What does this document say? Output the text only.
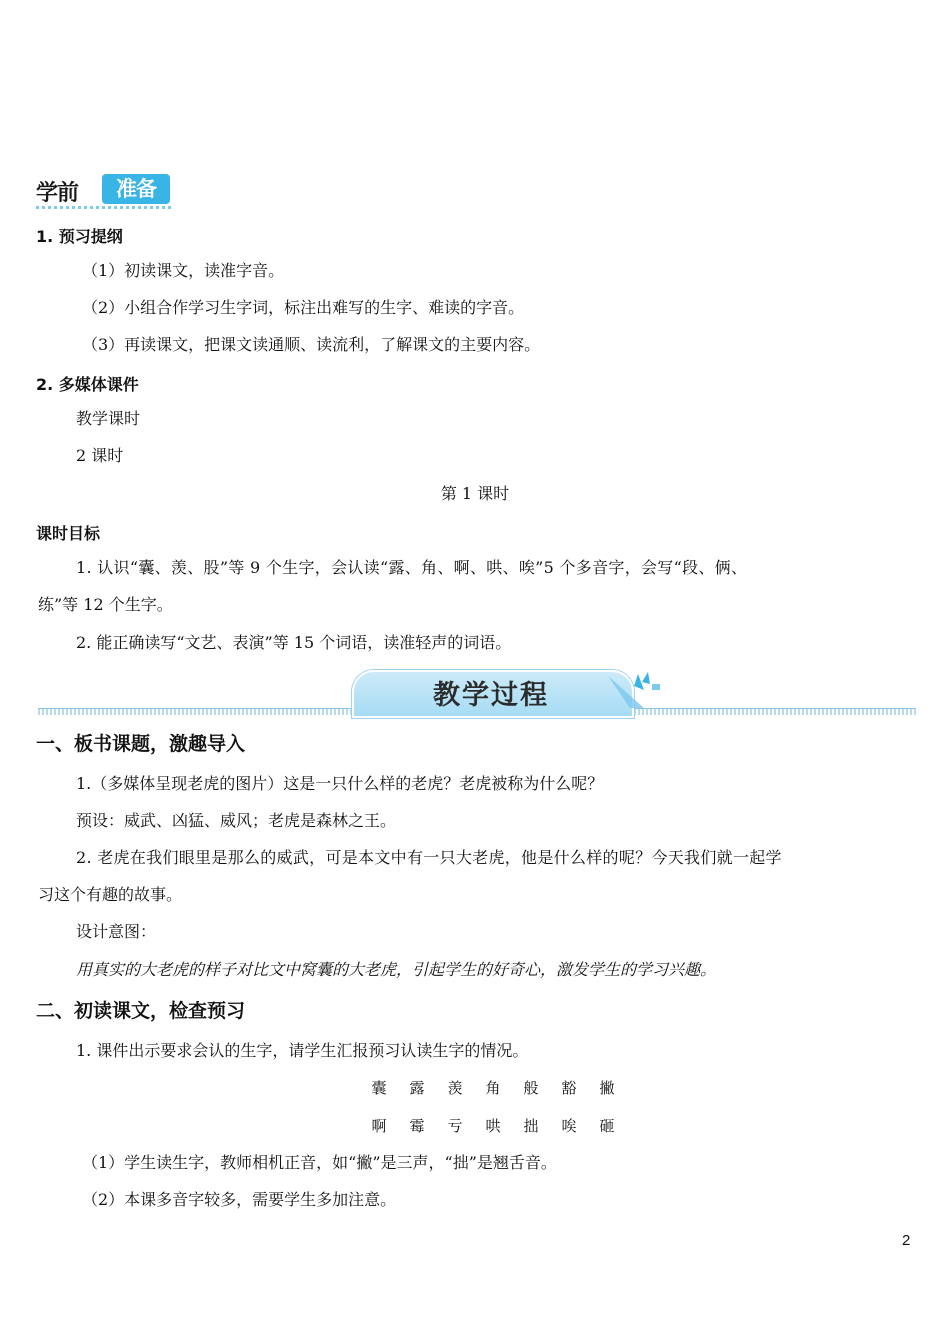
学前	准备
1. 预习提纲
（1）初读课文，读准字音。
（2）小组合作学习生字词，标注出难写的生字、难读的字音。
（3）再读课文，把课文读通顺、读流利，了解课文的主要内容。
2. 多媒体课件
教学课时
2 课时
第 1 课时
课时目标
1. 认识“囊、羡、股”等 9 个生字，会认读“露、角、啊、哄、唉”5 个多音字，会写“段、俩、
练”等 12 个生字。
2. 能正确读写“文艺、表演”等 15 个词语，读准轻声的词语。
教学过程
一、板书课题，激趣导入
1.（多媒体呈现老虎的图片）这是一只什么样的老虎？老虎被称为什么呢？
预设：威武、凶猛、威风；老虎是森林之王。
2. 老虎在我们眼里是那么的威武，可是本文中有一只大老虎，他是什么样的呢？今天我们就一起学
习这个有趣的故事。
设计意图：
用真实的大老虎的样子对比文中窝囊的大老虎，引起学生的好奇心，激发学生的学习兴趣。
二、初读课文，检查预习
1. 课件出示要求会认的生字，请学生汇报预习认读生字的情况。
囊 露 羡 角 般 豁 撇
啊 霉 亏 哄 拙 唉 砸
（1）学生读生字，教师相机正音，如“撇”是三声，“拙”是翘舌音。
（2）本课多音字较多，需要学生多加注意。
2
